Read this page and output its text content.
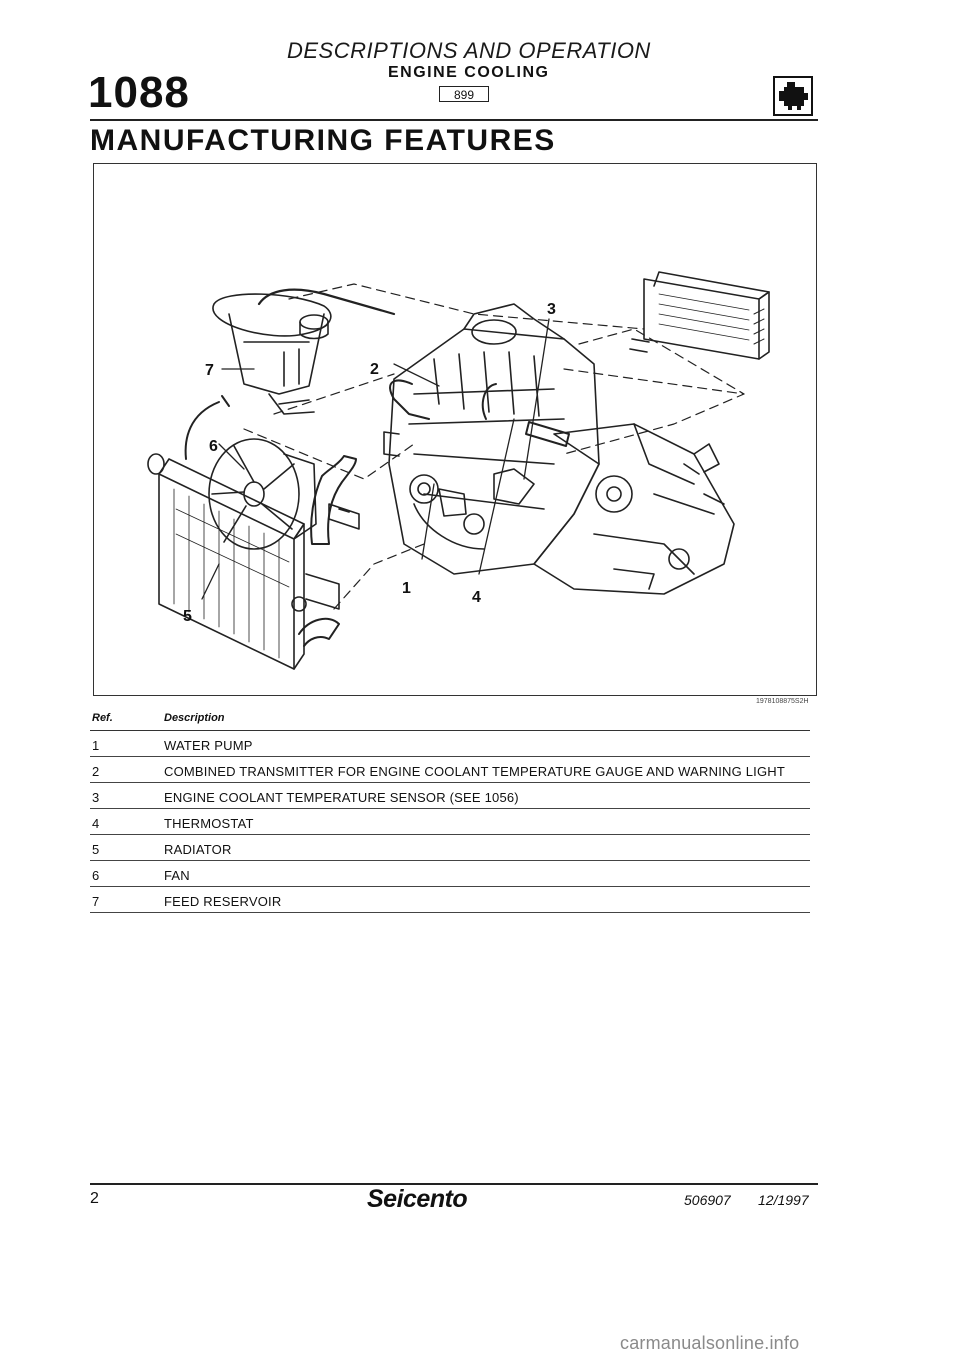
DESCRIPTIONS AND OPERATION
ENGINE COOLING
899
1088
MANUFACTURING FEATURES
3
2
7
6
1
4
5
1978108875S2H
Ref.	Description
1	WATER PUMP
2	COMBINED TRANSMITTER FOR ENGINE COOLANT TEMPERATURE GAUGE AND WARNING LIGHT
3	ENGINE COOLANT TEMPERATURE SENSOR (SEE 1056)
4	THERMOSTAT
5	RADIATOR
6	FAN
7	FEED RESERVOIR
2	Seicento	506907 12/1997
carmanualsonline.info
